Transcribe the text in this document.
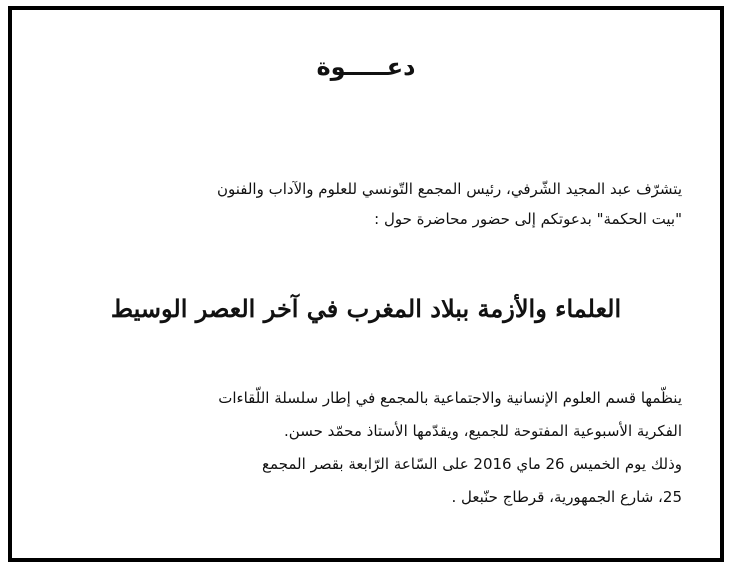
دعـــــوة

يتشرّف عبد المجيد الشّرفي، رئيس المجمع التّونسي للعلوم والآداب والفنون
"بيت الحكمة" بدعوتكم إلى حضور محاضرة حول :

العلماء والأزمة ببلاد المغرب في آخر العصر الوسيط

ينظّمها قسم العلوم الإنسانية والاجتماعية بالمجمع في إطار سلسلة اللّقاءات
الفكرية الأسبوعية المفتوحة للجميع، ويقدّمها الأستاذ محمّد حسن.
وذلك يوم الخميس 26 ماي 2016 على السّاعة الرّابعة بقصر المجمع
25، شارع الجمهورية، قرطاج حنّبعل .
